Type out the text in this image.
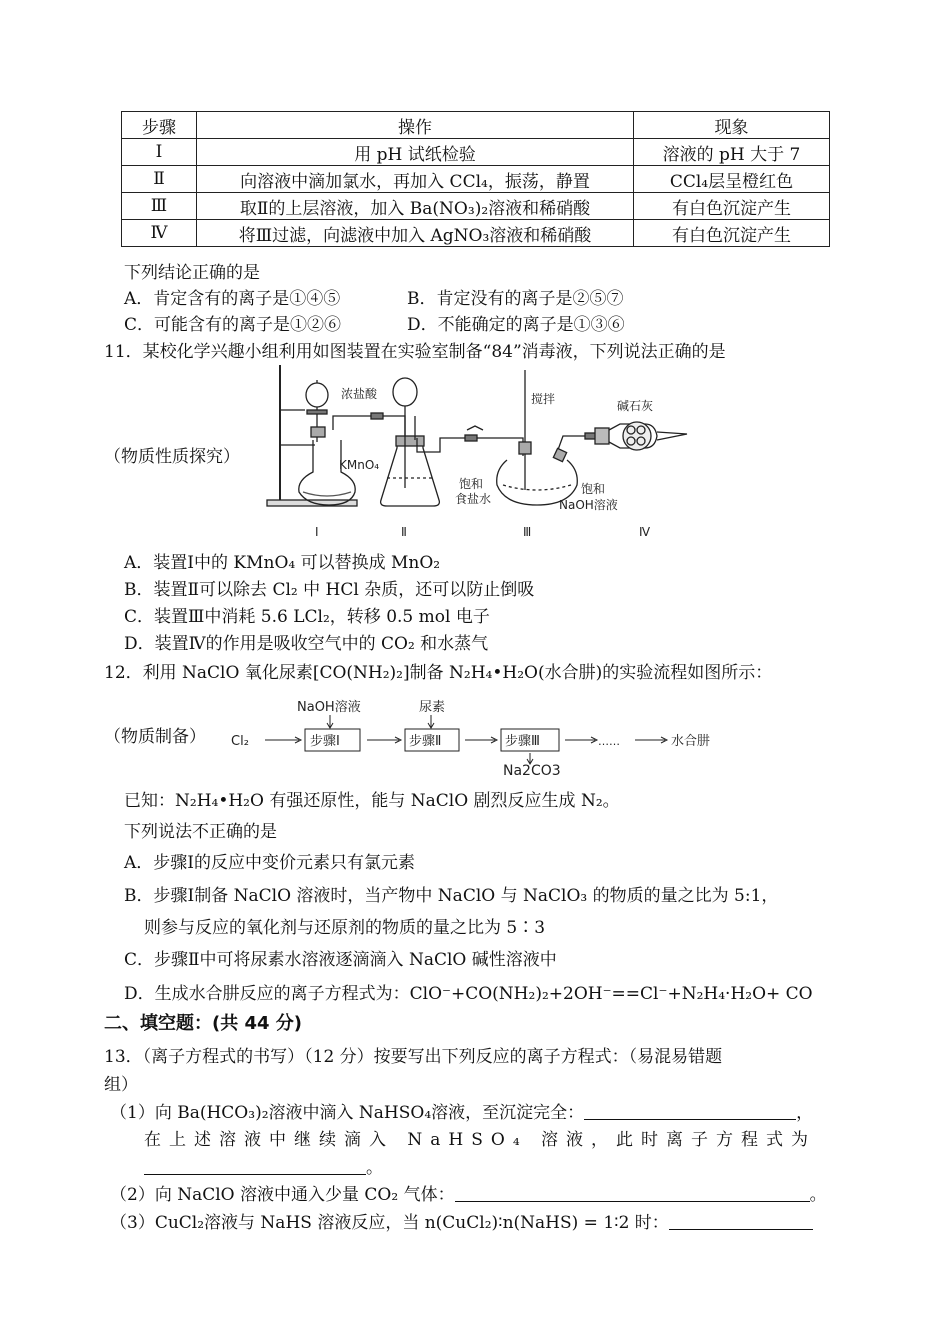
步骤	操作	现象
Ⅰ	用 pH 试纸检验	溶液的 pH 大于 7
Ⅱ	向溶液中滴加氯水，再加入 CCl₄，振荡，静置	CCl₄层呈橙红色
Ⅲ	取Ⅱ的上层溶液，加入 Ba(NO₃)₂溶液和稀硝酸	有白色沉淀产生
Ⅳ	将Ⅲ过滤，向滤液中加入 AgNO₃溶液和稀硝酸	有白色沉淀产生
下列结论正确的是
A．肯定含有的离子是①④⑤	B．肯定没有的离子是②⑤⑦
C．可能含有的离子是①②⑥	D．不能确定的离子是①③⑥
11．某校化学兴趣小组利用如图装置在实验室制备“84”消毒液，下列说法正确的是
（物质性质探究）
浓盐酸
KMnO₄
饱和
食盐水
搅拌	碱石灰
饱和
NaOH溶液
Ⅰ	Ⅱ	Ⅲ	Ⅳ
A．装置Ⅰ中的 KMnO₄ 可以替换成 MnO₂
B．装置Ⅱ可以除去 Cl₂ 中 HCl 杂质，还可以防止倒吸
C．装置Ⅲ中消耗 5.6 LCl₂，转移 0.5 mol 电子
D．装置Ⅳ的作用是吸收空气中的 CO₂ 和水蒸气
12．利用 NaClO 氧化尿素[CO(NH₂)₂]制备 N₂H₄•H₂O(水合肼)的实验流程如图所示：
（物质制备） Cl₂
NaOH溶液	尿素
步骤Ⅰ	步骤Ⅱ	步骤Ⅲ	……	水合肼
Na2CO3
已知：N₂H₄•H₂O 有强还原性，能与 NaClO 剧烈反应生成 N₂。
下列说法不正确的是
A．步骤Ⅰ的反应中变价元素只有氯元素
B．步骤Ⅰ制备 NaClO 溶液时，当产物中 NaClO 与 NaClO₃ 的物质的量之比为 5:1，
则参与反应的氧化剂与还原剂的物质的量之比为 5∶3
C．步骤Ⅱ中可将尿素水溶液逐滴滴入 NaClO 碱性溶液中
D．生成水合肼反应的离子方程式为：ClO⁻+CO(NH₂)₂+2OH⁻==Cl⁻+N₂H₄·H₂O+ CO
二、填空题：(共 44 分)
13．（离子方程式的书写）（12 分）按要写出下列反应的离子方程式：（易混易错题
组）
（1）向 Ba(HCO₃)₂溶液中滴入 NaHSO₄溶液，至沉淀完全：	，
在上述溶液中继续滴入 NaHSO₄ 溶液，此时离子方程式为
。
（2）向 NaClO 溶液中通入少量 CO₂ 气体：	。
（3）CuCl₂溶液与 NaHS 溶液反应，当 n(CuCl₂)∶n(NaHS) = 1∶2 时：
